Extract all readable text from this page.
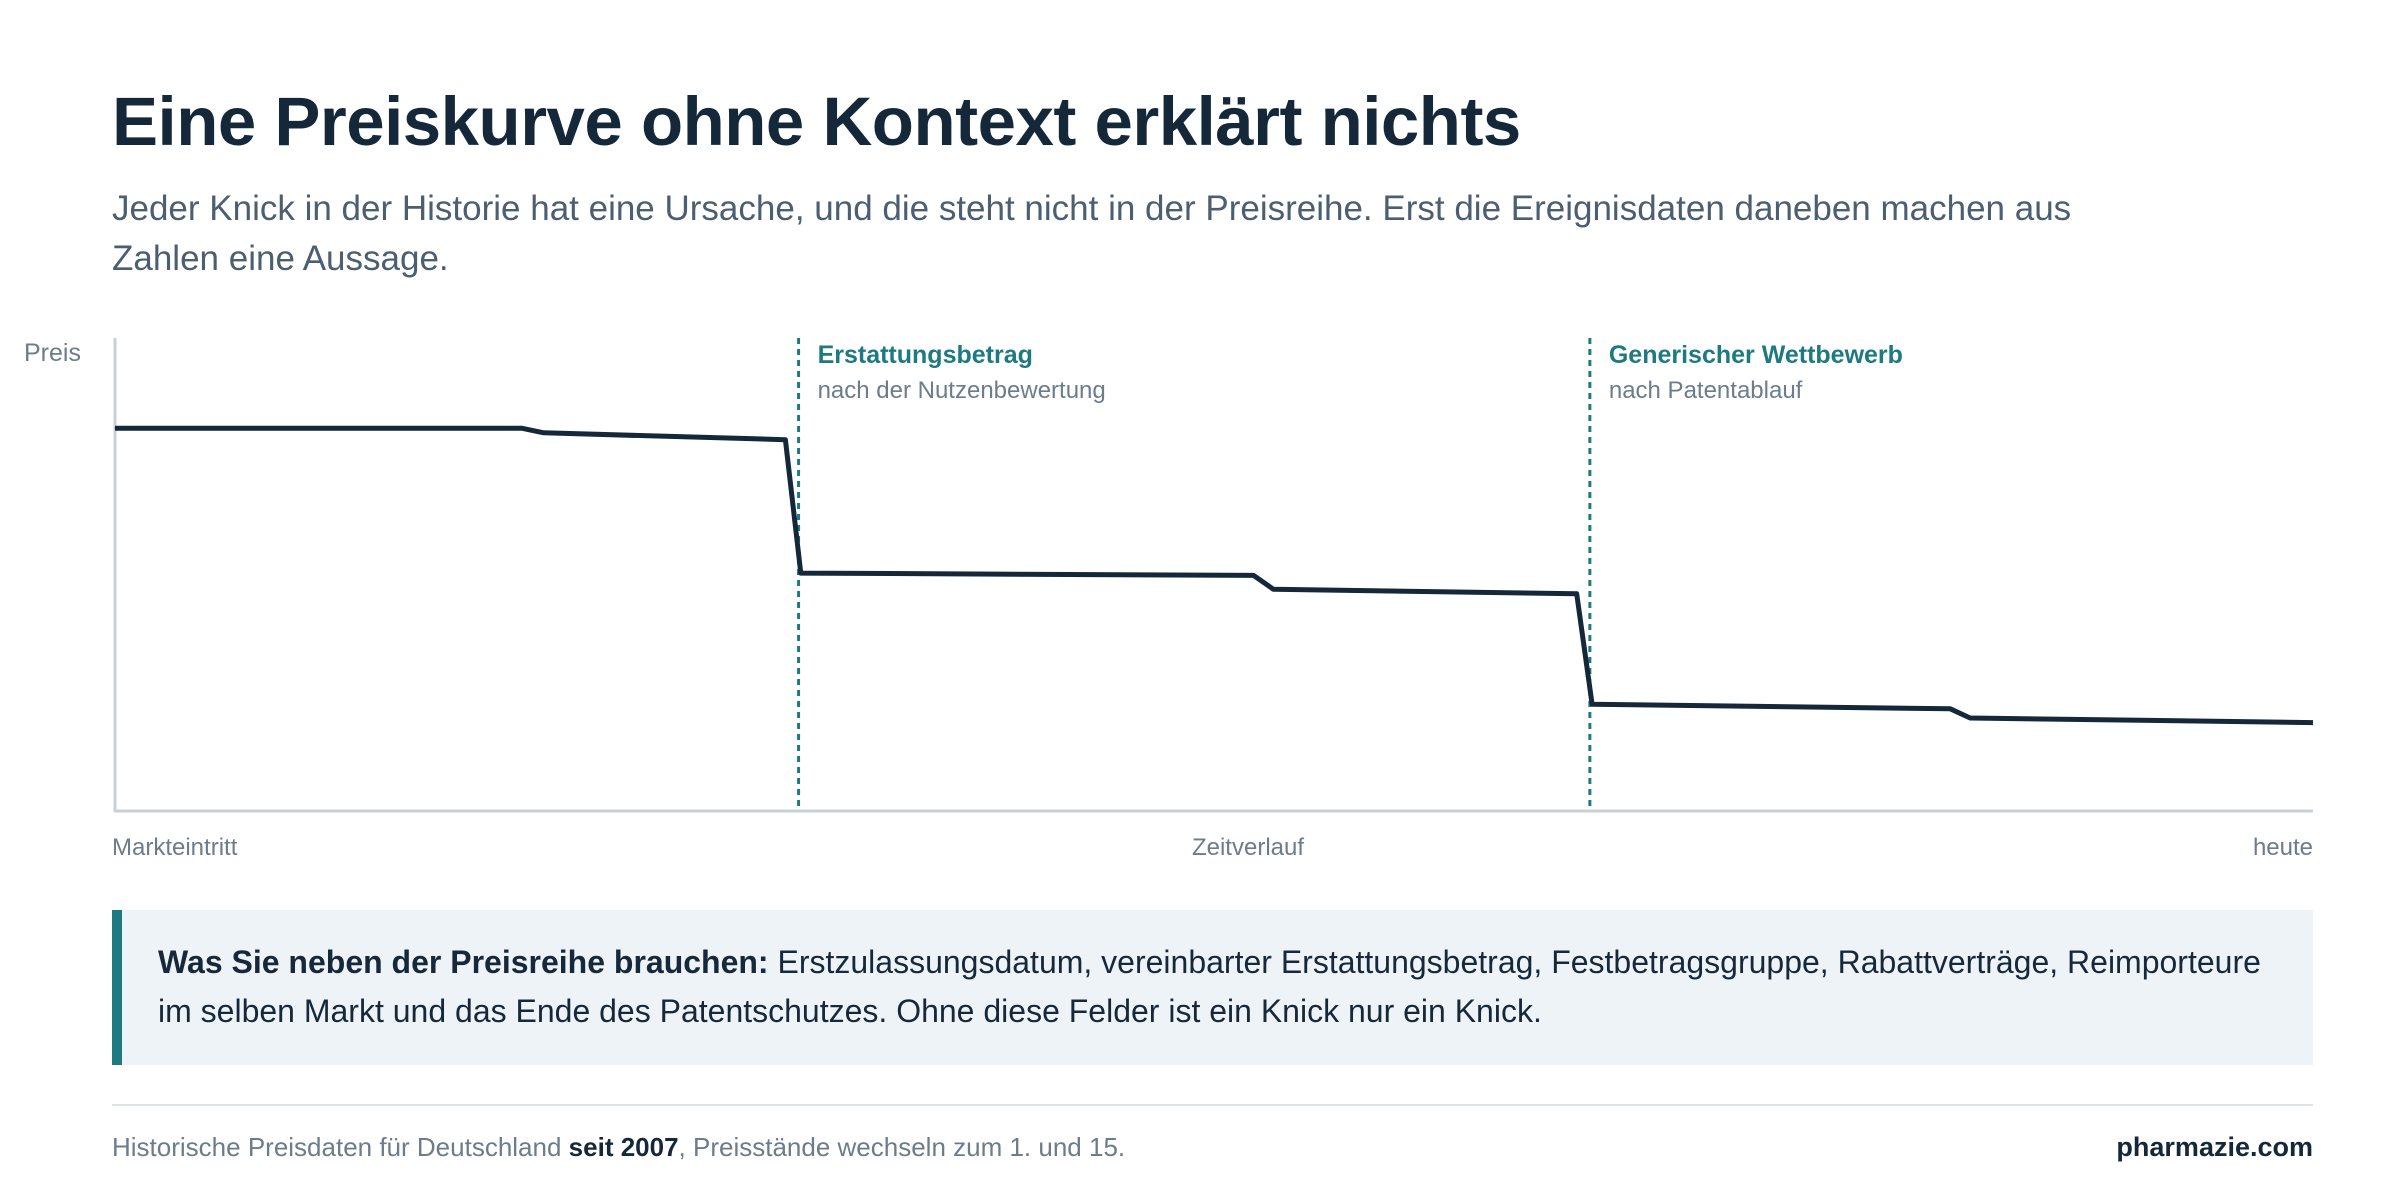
Eine Preiskurve ohne Kontext erklärt nichts

Jeder Knick in der Historie hat eine Ursache, und die steht nicht in der Preisreihe. Erst die Ereignisdaten daneben machen aus Zahlen eine Aussage.

Preis
Markteintritt	Zeitverlauf	heute
Erstattungsbetrag
nach der Nutzenbewertung
Generischer Wettbewerb
nach Patentablauf
Was Sie neben der Preisreihe brauchen: Erstzulassungsdatum, vereinbarter Erstattungsbetrag, Festbetragsgruppe, Rabattverträge, Reimporteure im selben Markt und das Ende des Patentschutzes. Ohne diese Felder ist ein Knick nur ein Knick.
Historische Preisdaten für Deutschland seit 2007, Preisstände wechseln zum 1. und 15.	pharmazie.com
